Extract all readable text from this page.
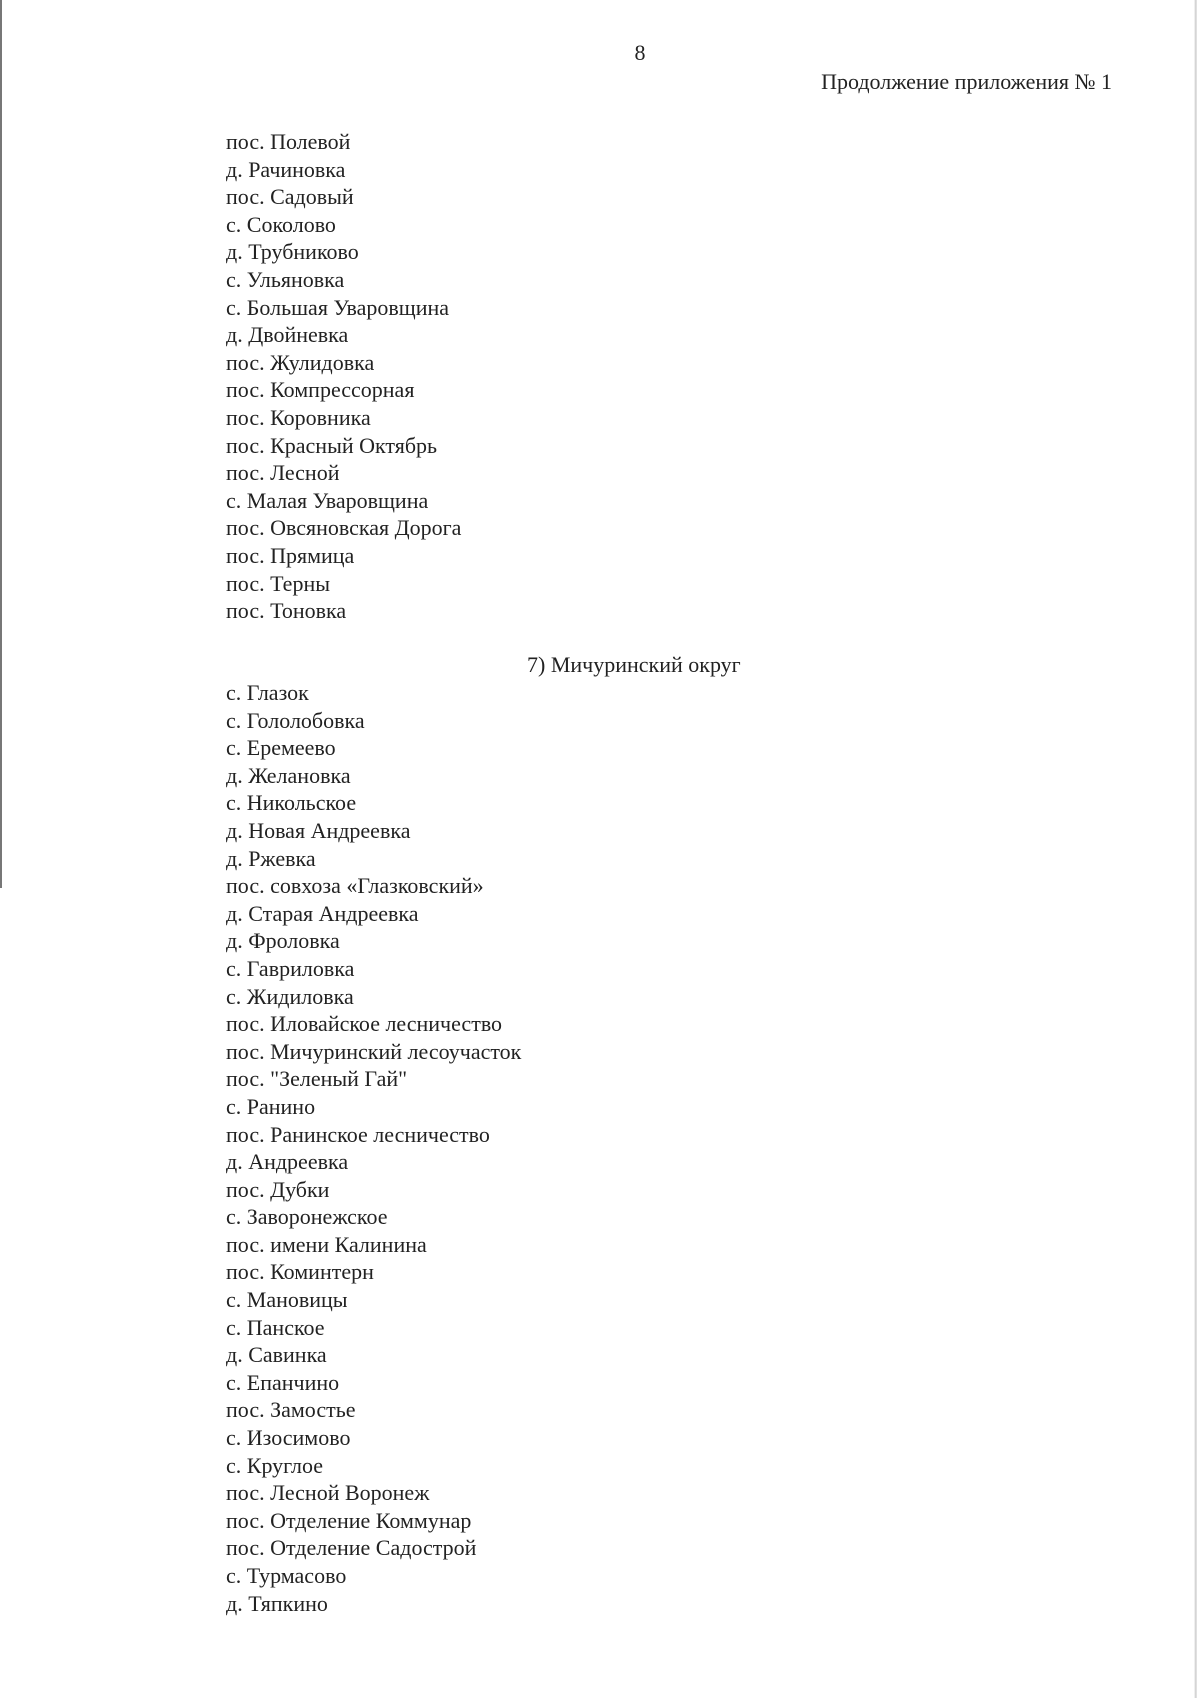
8
Продолжение приложения № 1
пос. Полевой
д. Рачиновка
пос. Садовый
с. Соколово
д. Трубниково
с. Ульяновка
с. Большая Уваровщина
д. Двойневка
пос. Жулидовка
пос. Компрессорная
пос. Коровника
пос. Красный Октябрь
пос. Лесной
с. Малая Уваровщина
пос. Овсяновская Дорога
пос. Прямица
пос. Терны
пос. Тоновка
7) Мичуринский округ
с. Глазок
с. Гололобовка
с. Еремеево
д. Желановка
с. Никольское
д. Новая Андреевка
д. Ржевка
пос. совхоза «Глазковский»
д. Старая Андреевка
д. Фроловка
с. Гавриловка
с. Жидиловка
пос. Иловайское лесничество
пос. Мичуринский лесоучасток
пос. "Зеленый Гай"
с. Ранино
пос. Ранинское лесничество
д. Андреевка
пос. Дубки
с. Заворонежское
пос. имени Калинина
пос. Коминтерн
с. Мановицы
с. Панское
д. Савинка
с. Епанчино
пос. Замостье
с. Изосимово
с. Круглое
пос. Лесной Воронеж
пос. Отделение Коммунар
пос. Отделение Садострой
с. Турмасово
д. Тяпкино
